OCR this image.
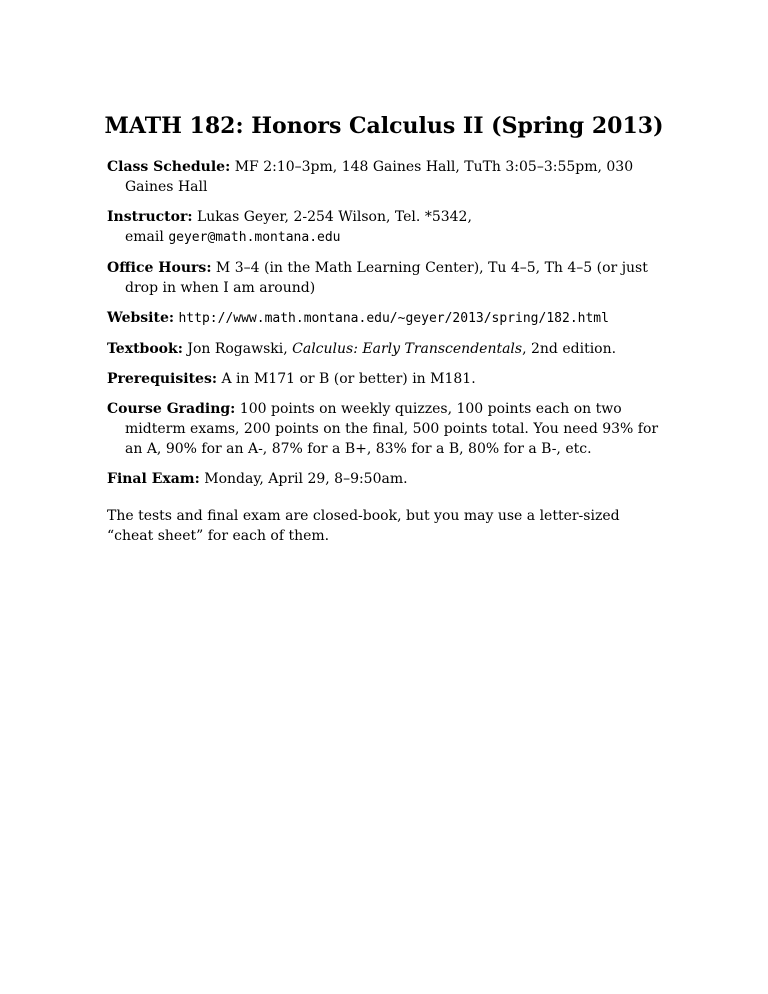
MATH 182: Honors Calculus II (Spring 2013)
Class Schedule: MF 2:10–3pm, 148 Gaines Hall, TuTh 3:05–3:55pm, 030 Gaines Hall
Instructor: Lukas Geyer, 2-254 Wilson, Tel. *5342,
email geyer@math.montana.edu
Office Hours: M 3–4 (in the Math Learning Center), Tu 4–5, Th 4–5 (or just drop in when I am around)
Website: http://www.math.montana.edu/~geyer/2013/spring/182.html
Textbook: Jon Rogawski, Calculus: Early Transcendentals, 2nd edition.
Prerequisites: A in M171 or B (or better) in M181.
Course Grading: 100 points on weekly quizzes, 100 points each on two midterm exams, 200 points on the final, 500 points total. You need 93% for an A, 90% for an A-, 87% for a B+, 83% for a B, 80% for a B-, etc.
Final Exam: Monday, April 29, 8–9:50am.
The tests and final exam are closed-book, but you may use a letter-sized “cheat sheet” for each of them.
